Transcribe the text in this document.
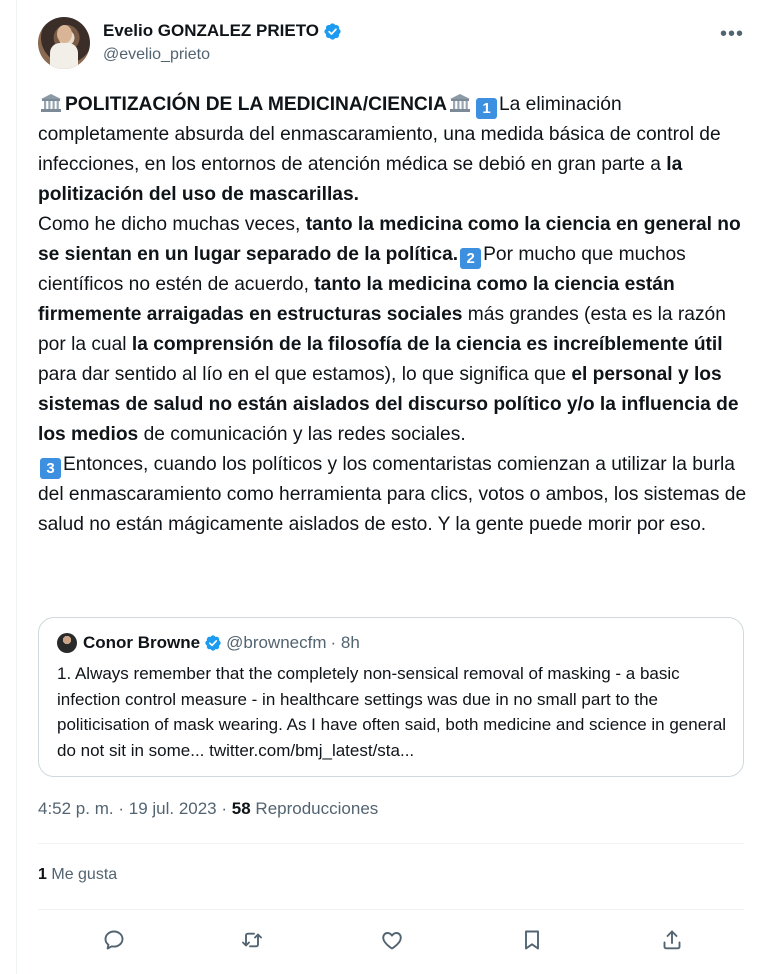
Evelio GONZALEZ PRIETO
@evelio_prieto
•••

POLITIZACIÓN DE LA MEDICINA/CIENCIA 1 La eliminación completamente absurda del enmascaramiento, una medida básica de control de infecciones, en los entornos de atención médica se debió en gran parte a la politización del uso de mascarillas.

Como he dicho muchas veces, tanto la medicina como la ciencia en general no se sientan en un lugar separado de la política. 2 Por mucho que muchos científicos no estén de acuerdo, tanto la medicina como la ciencia están firmemente arraigadas en estructuras sociales más grandes (esta es la razón por la cual la comprensión de la filosofía de la ciencia es increíblemente útil para dar sentido al lío en el que estamos), lo que significa que el personal y los sistemas de salud no están aislados del discurso político y/o la influencia de los medios de comunicación y las redes sociales.

3 Entonces, cuando los políticos y los comentaristas comienzan a utilizar la burla del enmascaramiento como herramienta para clics, votos o ambos, los sistemas de salud no están mágicamente aislados de esto. Y la gente puede morir por eso.

Conor Browne @brownecfm · 8h
1. Always remember that the completely non-sensical removal of masking - a basic infection control measure - in healthcare settings was due in no small part to the politicisation of mask wearing. As I have often said, both medicine and science in general do not sit in some... twitter.com/bmj_latest/sta...
4:52 p. m. · 19 jul. 2023 · 58 Reproducciones
1 Me gusta
